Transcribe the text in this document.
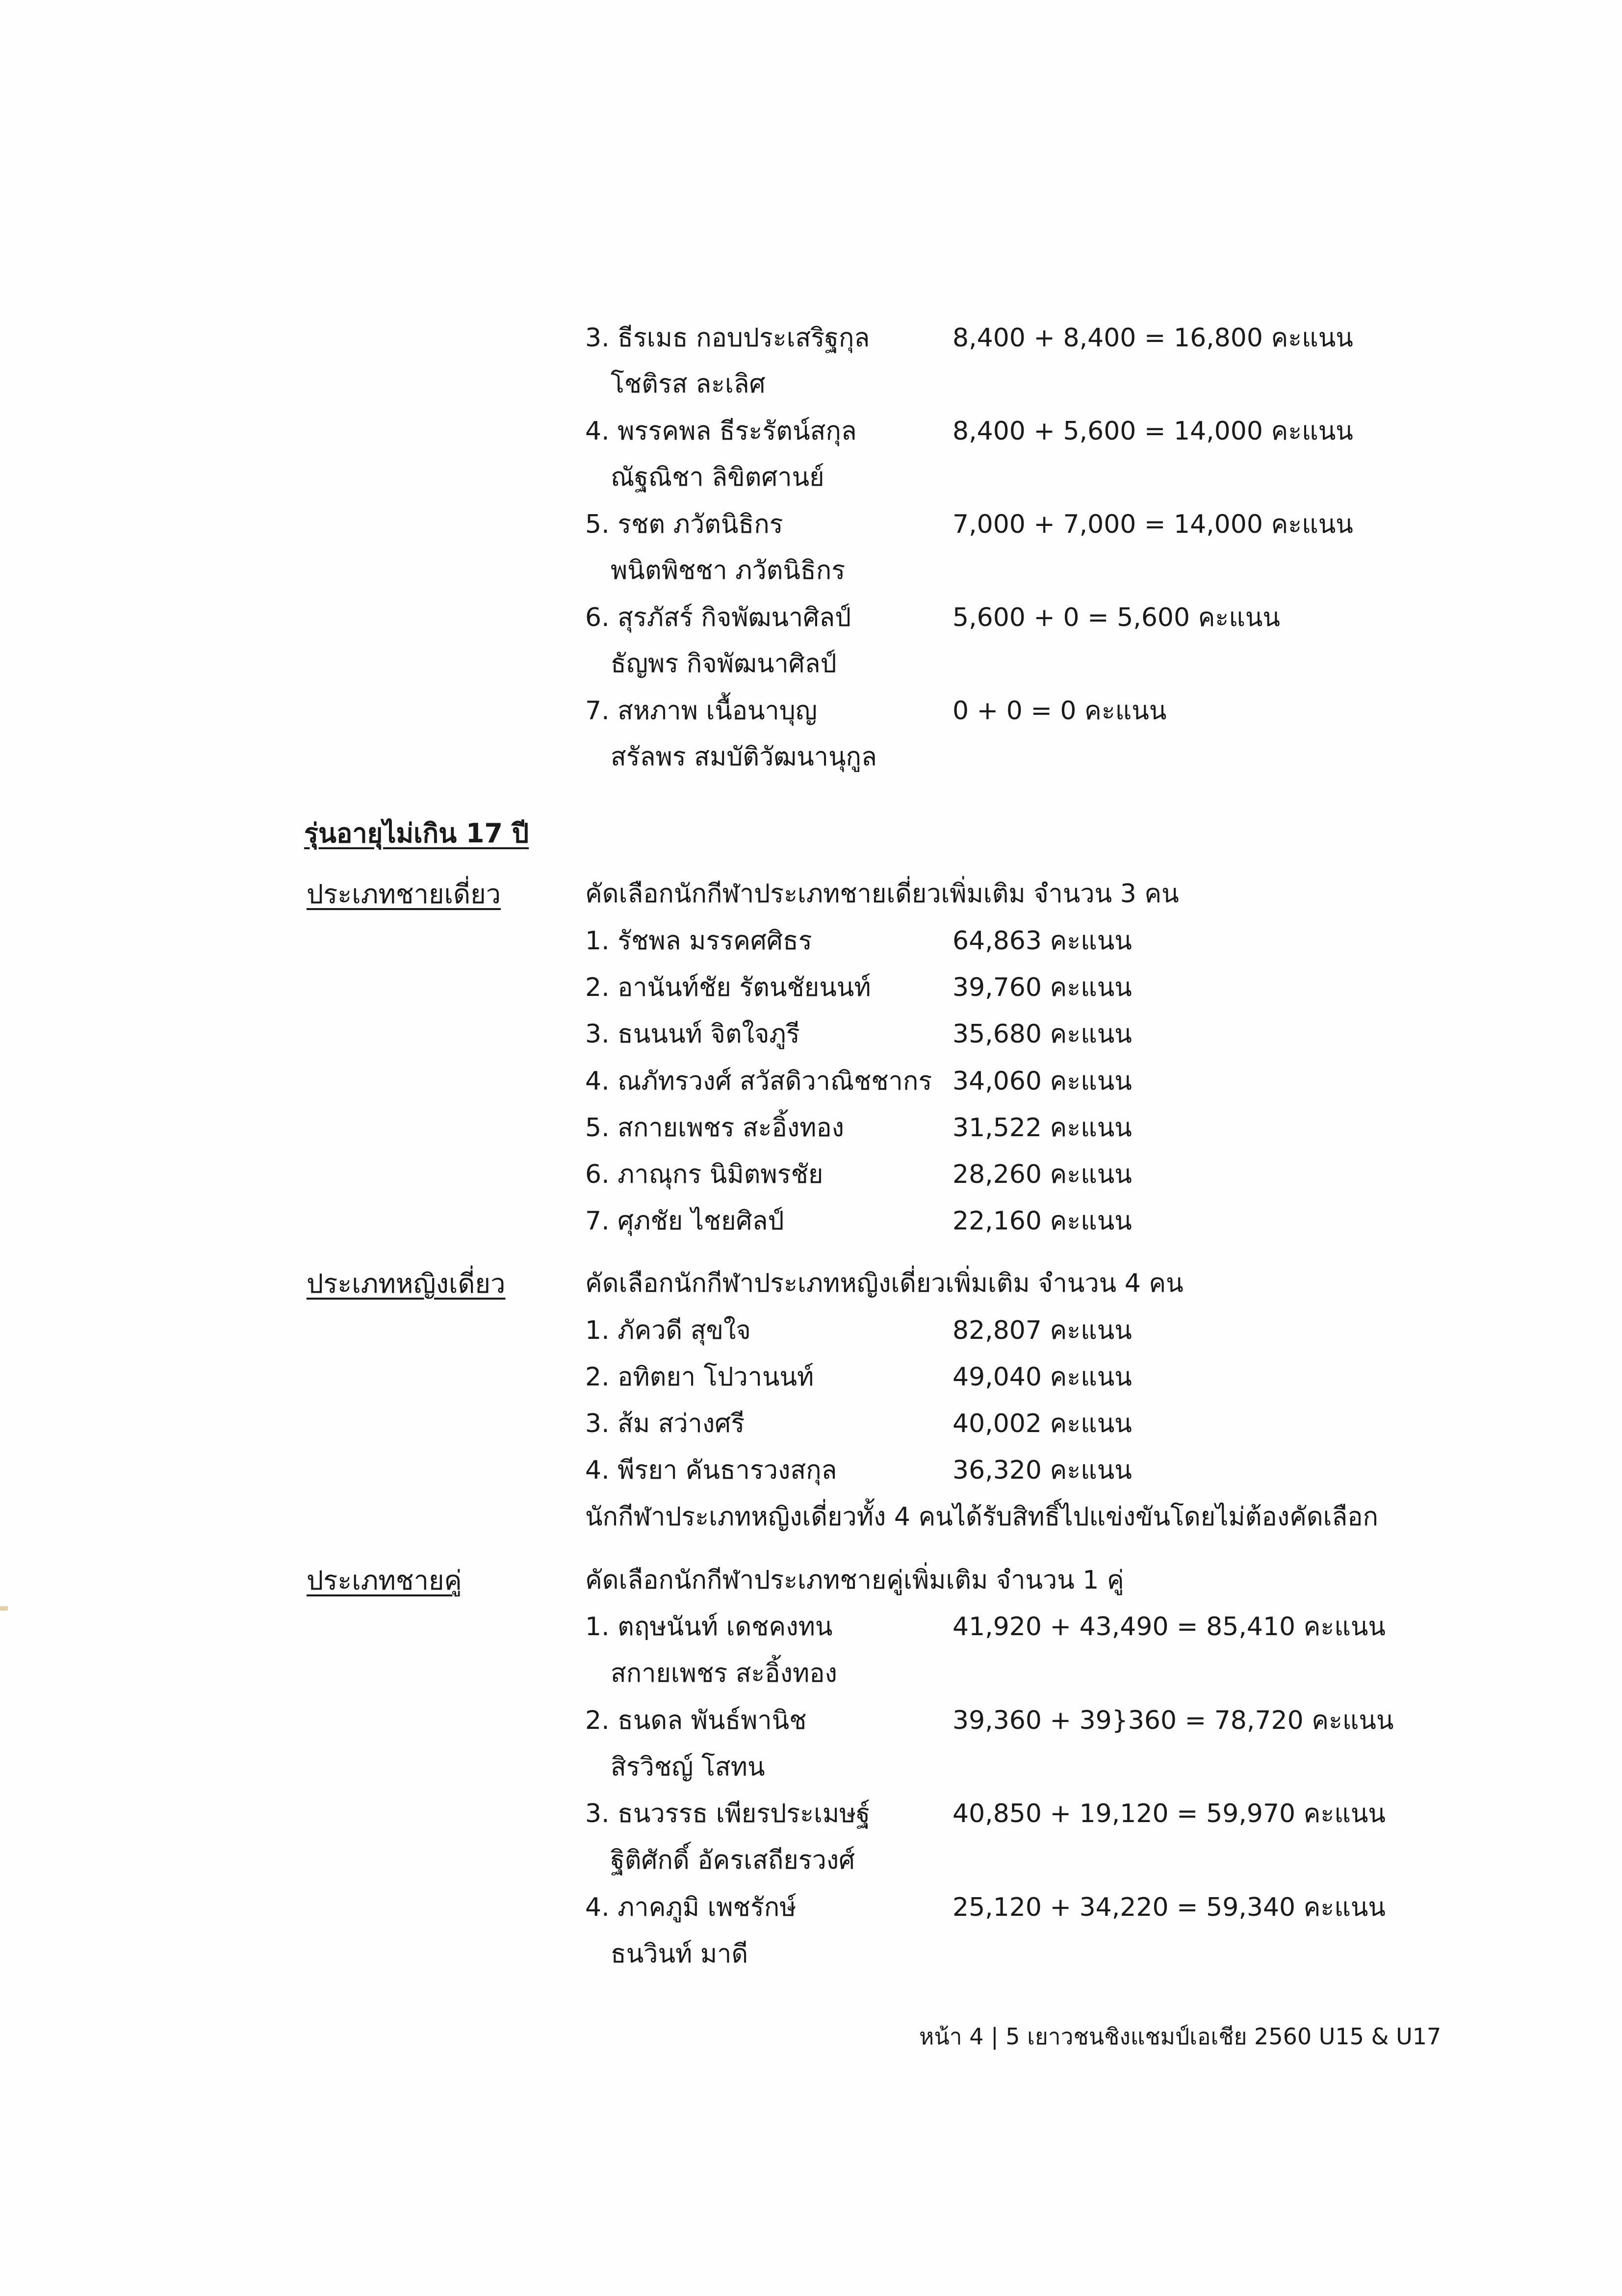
3. ธีรเมธ กอบประเสริฐกุล	8,400 + 8,400 = 16,800 คะแนน
โชติรส ละเลิศ
4. พรรคพล ธีระรัตน์สกุล	8,400 + 5,600 = 14,000 คะแนน
ณัฐณิชา ลิขิตศานย์
5. รชต ภวัตนิธิกร	7,000 + 7,000 = 14,000 คะแนน
พนิตพิชชา ภวัตนิธิกร
6. สุรภัสร์ กิจพัฒนาศิลป์	5,600 + 0 = 5,600 คะแนน
ธัญพร กิจพัฒนาศิลป์
7. สหภาพ เนื้อนาบุญ	0 + 0 = 0 คะแนน
สรัลพร สมบัติวัฒนานุกูล
รุ่นอายุไม่เกิน 17 ปี
ประเภทชายเดี่ยว	คัดเลือกนักกีฬาประเภทชายเดี่ยวเพิ่มเติม จำนวน 3 คน
1. รัชพล มรรคศศิธร	64,863 คะแนน
2. อานันท์ชัย รัตนชัยนนท์	39,760 คะแนน
3. ธนนนท์ จิตใจภูรี	35,680 คะแนน
4. ณภัทรวงศ์ สวัสดิวาณิชชากร 34,060 คะแนน
5. สกายเพชร สะอิ้งทอง	31,522 คะแนน
6. ภาณุกร นิมิตพรชัย	28,260 คะแนน
7. ศุภชัย ไชยศิลป์	22,160 คะแนน
ประเภทหญิงเดี่ยว	คัดเลือกนักกีฬาประเภทหญิงเดี่ยวเพิ่มเติม จำนวน 4 คน
1. ภัควดี สุขใจ	82,807 คะแนน
2. อทิตยา โปวานนท์	49,040 คะแนน
3. ส้ม สว่างศรี	40,002 คะแนน
4. พีรยา คันธารวงสกุล	36,320 คะแนน
นักกีฬาประเภทหญิงเดี่ยวทั้ง 4 คนได้รับสิทธิ์ไปแข่งขันโดยไม่ต้องคัดเลือก
ประเภทชายคู่	คัดเลือกนักกีฬาประเภทชายคู่เพิ่มเติม จำนวน 1 คู่
1. ตฤษนันท์ เดชคงทน	41,920 + 43,490 = 85,410 คะแนน
สกายเพชร สะอิ้งทอง
2. ธนดล พันธ์พานิช	39,360 + 39}360 = 78,720 คะแนน
สิรวิชญ์ โสทน
3. ธนวรรธ เพียรประเมษฐ์	40,850 + 19,120 = 59,970 คะแนน
ฐิติศักดิ์ อัครเสถียรวงศ์
4. ภาคภูมิ เพชรักษ์	25,120 + 34,220 = 59,340 คะแนน
ธนวินท์ มาดี
หน้า 4 | 5 เยาวชนชิงแชมป์เอเชีย 2560 U15 & U17
